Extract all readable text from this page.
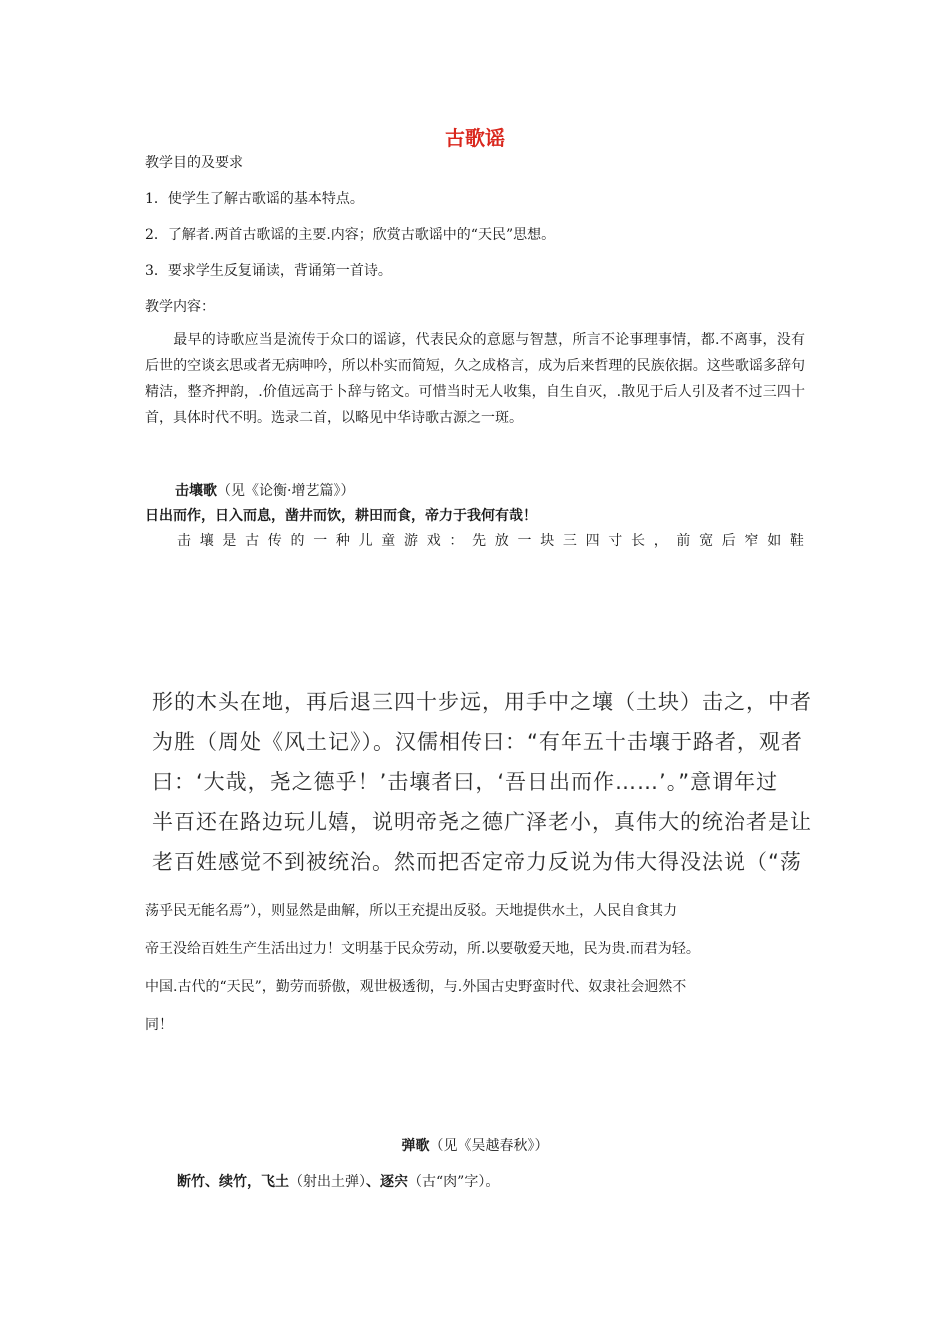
古歌谣
教学目的及要求
1．使学生了解古歌谣的基本特点。
2．了解者.两首古歌谣的主要.内容；欣赏古歌谣中的“天民”思想。
3．要求学生反复诵读，背诵第一首诗。
教学内容：
最早的诗歌应当是流传于众口的谣谚，代表民众的意愿与智慧，所言不论事理事情，都.不离事，没有后世的空谈玄思或者无病呻吟，所以朴实而简短，久之成格言，成为后来哲理的民族依据。这些歌谣多辞句精洁，整齐押韵，.价值远高于卜辞与铭文。可惜当时无人收集，自生自灭，.散见于后人引及者不过三四十首，具体时代不明。选录二首，以略见中华诗歌古源之一斑。
击壤歌（见《论衡·增艺篇》）
日出而作，日入而息，凿井而饮，耕田而食，帝力于我何有哉！
击壤是古传的一种儿童游戏：先放一块三四寸长，前宽后窄如鞋
形的木头在地，再后退三四十步远，用手中之壤（土块）击之，中者
为胜（周处《风土记》）。汉儒相传曰：“有年五十击壤于路者，观者
曰：‘大哉，尧之德乎！’击壤者曰，‘吾日出而作……’。”意谓年过
半百还在路边玩儿嬉，说明帝尧之德广泽老小，真伟大的统治者是让
老百姓感觉不到被统治。然而把否定帝力反说为伟大得没法说（“荡
荡乎民无能名焉”），则显然是曲解，所以王充提出反驳。天地提供水土，人民自食其力
帝王没给百姓生产生活出过力！文明基于民众劳动，所.以要敬爱天地，民为贵.而君为轻。
中国.古代的“天民”，勤劳而骄傲，观世极透彻，与.外国古史野蛮时代、奴隶社会迥然不
同！
弹歌（见《吴越春秋》）
断竹、续竹，飞土（射出土弹）、逐宍（古“肉”字）。
